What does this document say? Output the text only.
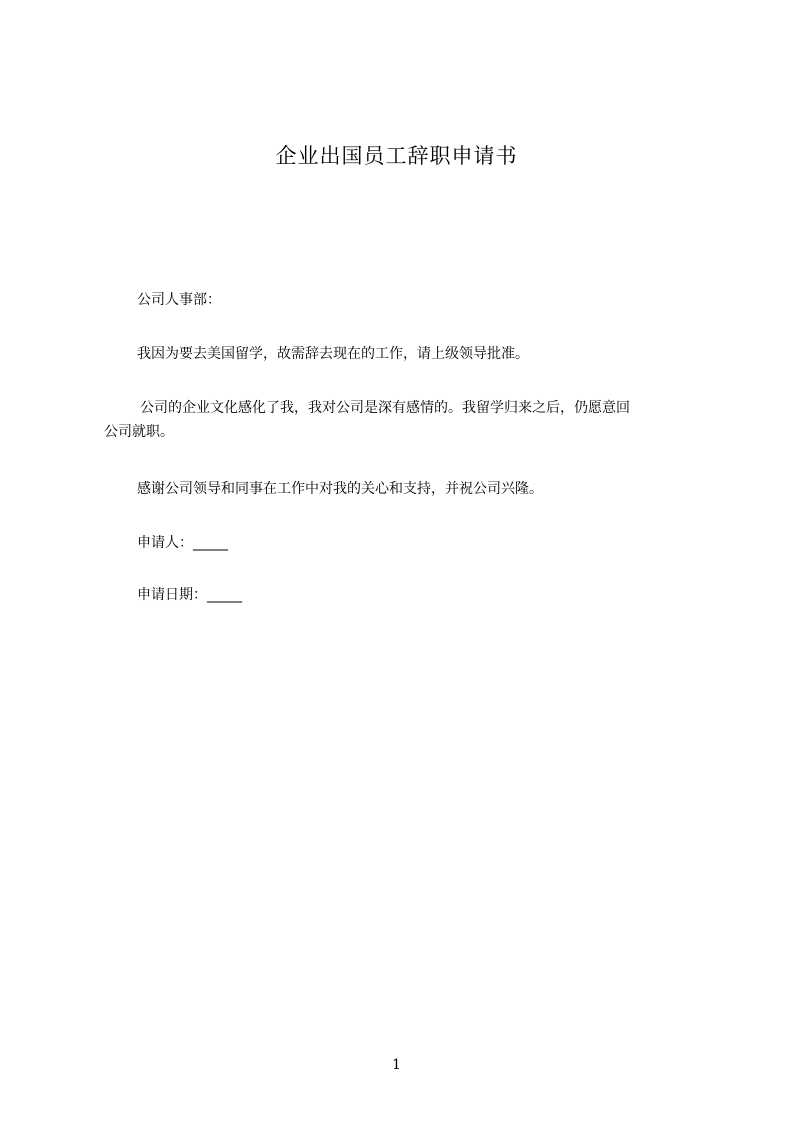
企业出国员工辞职申请书
公司人事部：
我因为要去美国留学，故需辞去现在的工作，请上级领导批准。
公司的企业文化感化了我，我对公司是深有感情的。我留学归来之后，仍愿意回
公司就职。
感谢公司领导和同事在工作中对我的关心和支持，并祝公司兴隆。
申请人：_____
申请日期：_____
1
